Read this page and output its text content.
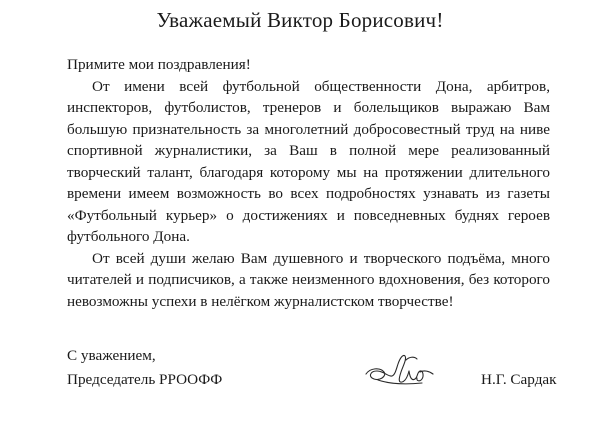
Уважаемый Виктор Борисович!

Примите мои поздравления!

От имени всей футбольной общественности Дона, арбитров, инспекторов, футболистов, тренеров и болельщиков выражаю Вам большую признательность за многолетний добросовестный труд на ниве спортивной журналистики, за Ваш в полной мере реализованный творческий талант, благодаря которому мы на протяжении длительного времени имеем возможность во всех подробностях узнавать из газеты «Футбольный курьер» о достижениях и повседневных буднях героев футбольного Дона.

От всей души желаю Вам душевного и творческого подъёма, много читателей и подписчиков, а также неизменного вдохновения, без которого невозможны успехи в нелёгком журналистском творчестве!

С уважением,
Председатель РРООФФ	Н.Г. Сардак
